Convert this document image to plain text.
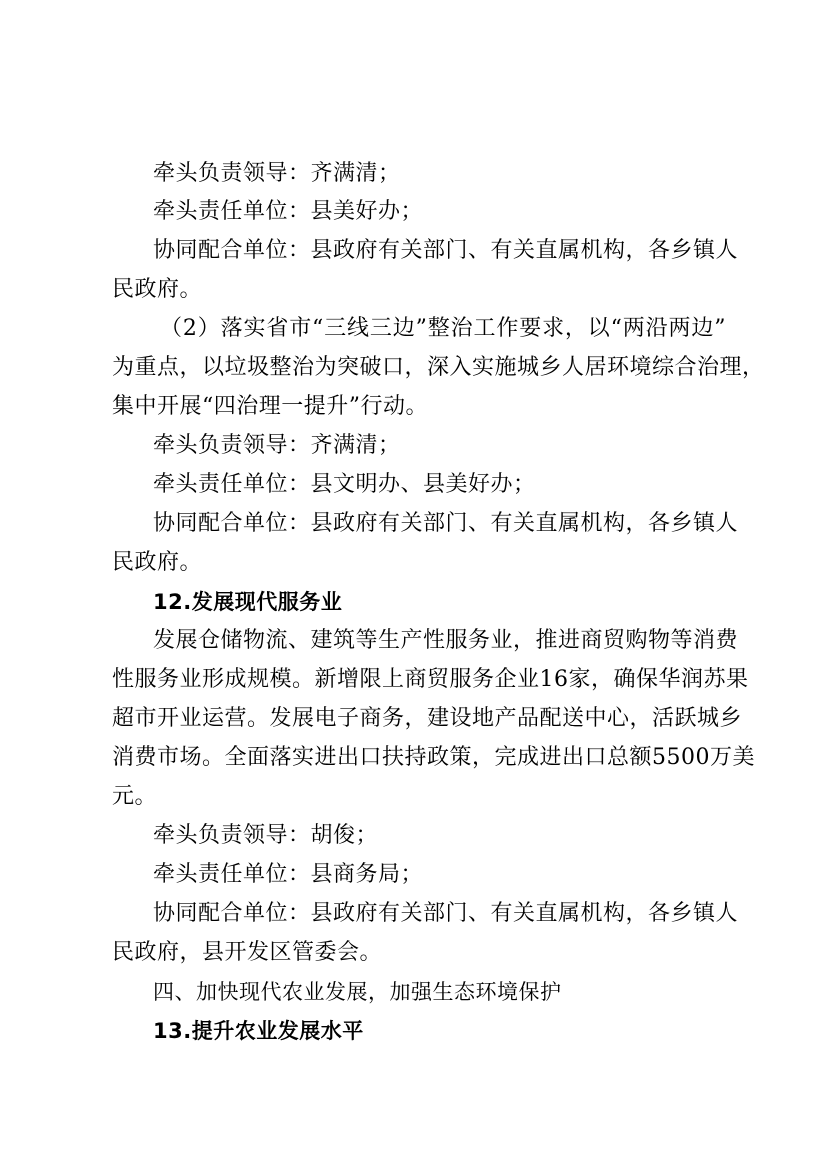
牵头负责领导：齐满清；
牵头责任单位：县美好办；
协同配合单位：县政府有关部门、有关直属机构，各乡镇人
民政府。
（2）落实省市“三线三边”整治工作要求，以“两沿两边”
为重点，以垃圾整治为突破口，深入实施城乡人居环境综合治理，
集中开展“四治理一提升”行动。
牵头负责领导：齐满清；
牵头责任单位：县文明办、县美好办；
协同配合单位：县政府有关部门、有关直属机构，各乡镇人
民政府。
12.发展现代服务业
发展仓储物流、建筑等生产性服务业，推进商贸购物等消费
性服务业形成规模。新增限上商贸服务企业16家，确保华润苏果
超市开业运营。发展电子商务，建设地产品配送中心，活跃城乡
消费市场。全面落实进出口扶持政策，完成进出口总额5500万美
元。
牵头负责领导：胡俊；
牵头责任单位：县商务局；
协同配合单位：县政府有关部门、有关直属机构，各乡镇人
民政府，县开发区管委会。
四、加快现代农业发展，加强生态环境保护
13.提升农业发展水平
